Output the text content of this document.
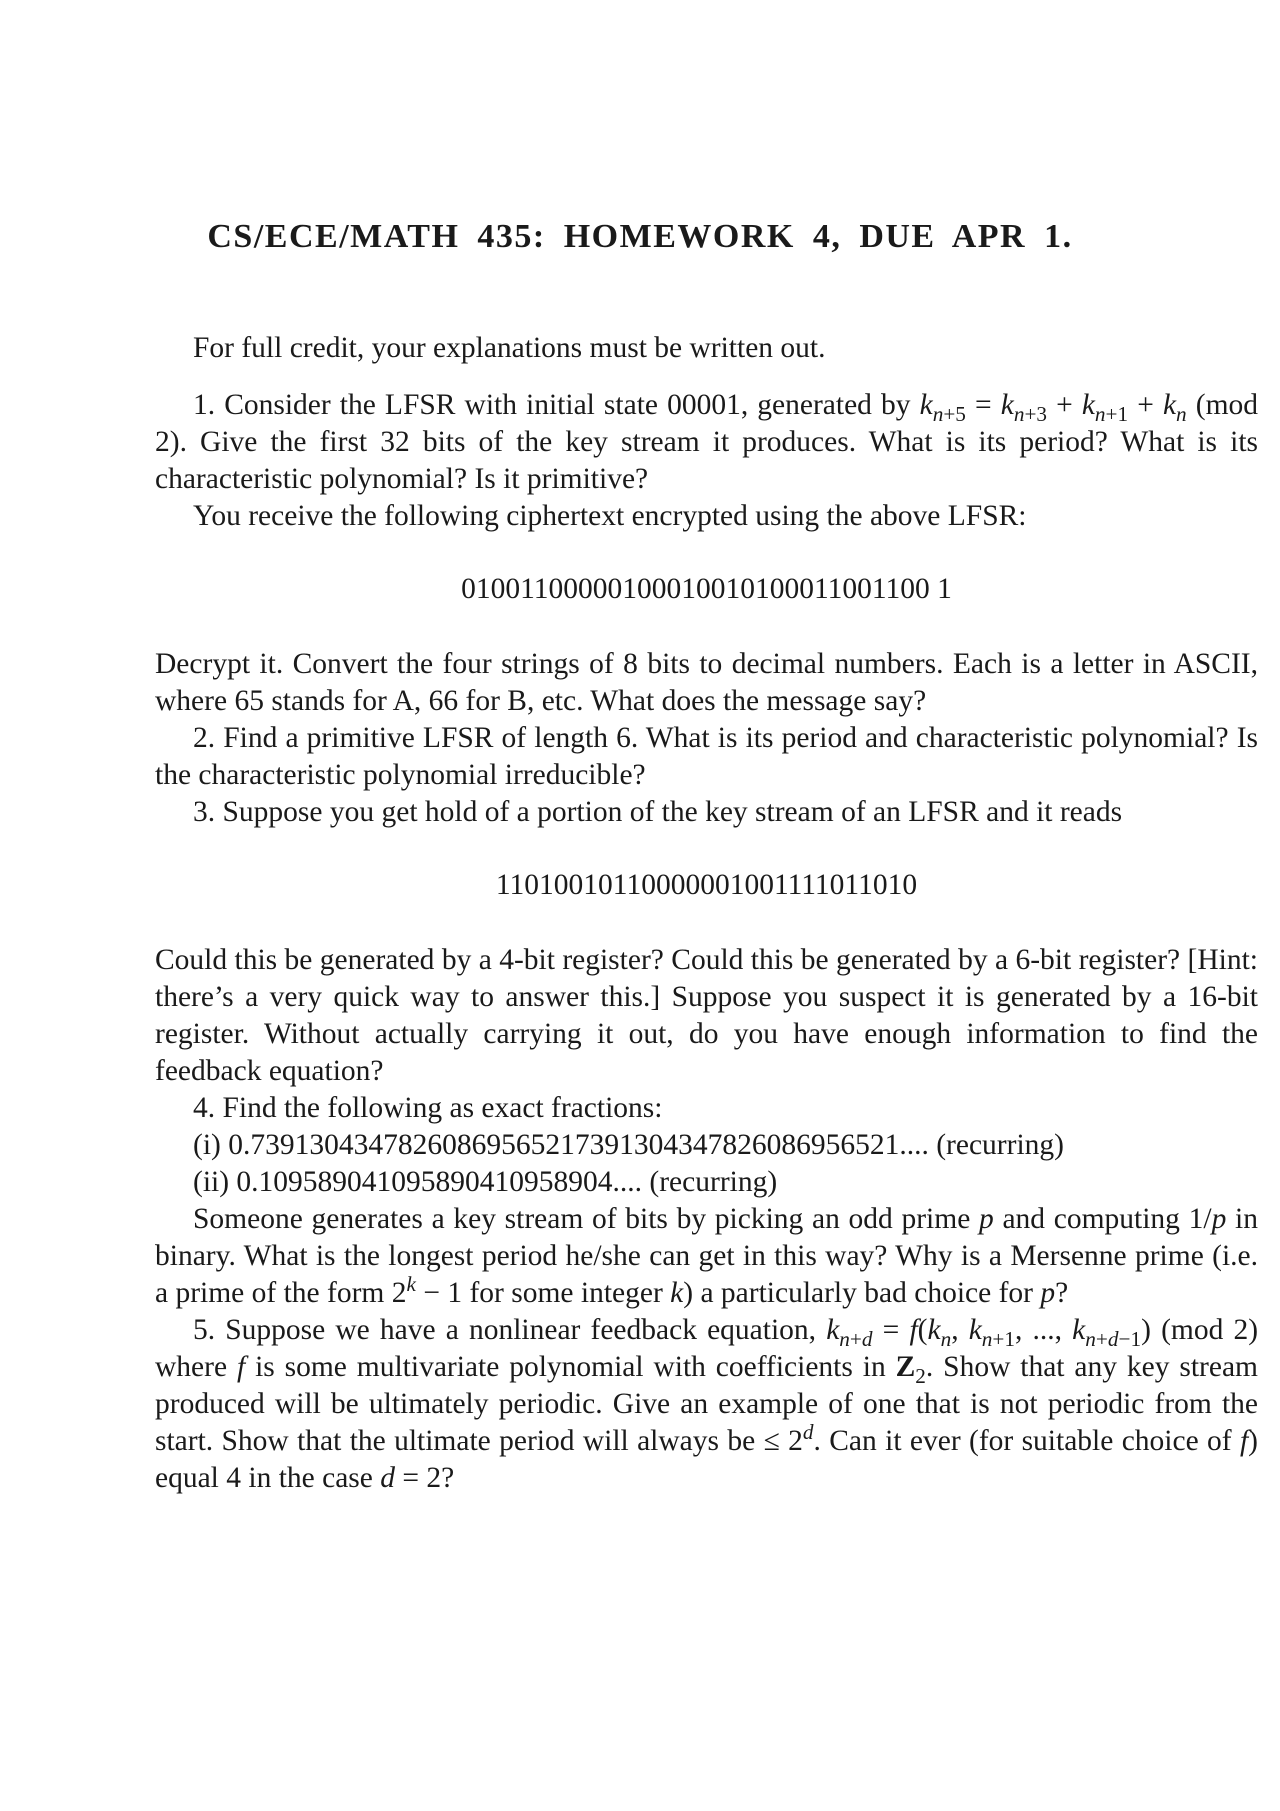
CS/ECE/MATH 435: HOMEWORK 4, DUE APR 1.

For full credit, your explanations must be written out.

1. Consider the LFSR with initial state 00001, generated by $k_{n+5} = k_{n+3} + k_{n+1} + k_n$ (mod 2). Give the first 32 bits of the key stream it produces. What is its period? What is its characteristic polynomial? Is it primitive?

You receive the following ciphertext encrypted using the above LFSR:

01001100000100010010100011001100 1

Decrypt it. Convert the four strings of 8 bits to decimal numbers. Each is a letter in ASCII, where 65 stands for A, 66 for B, etc. What does the message say?

2. Find a primitive LFSR of length 6. What is its period and characteristic polynomial? Is the characteristic polynomial irreducible?

3. Suppose you get hold of a portion of the key stream of an LFSR and it reads

11010010110000001001111011010

Could this be generated by a 4-bit register? Could this be generated by a 6-bit register? [Hint: there’s a very quick way to answer this.] Suppose you suspect it is generated by a 16-bit register. Without actually carrying it out, do you have enough information to find the feedback equation?

4. Find the following as exact fractions:

(i) 0.73913043478260869565217391304347826086956521.... (recurring)

(ii) 0.10958904109589041095890​4.... (recurring)

Someone generates a key stream of bits by picking an odd prime p and computing 1/p in binary. What is the longest period he/she can get in this way? Why is a Mersenne prime (i.e. a prime of the form $2^k - 1$ for some integer k) a particularly bad choice for p?

5. Suppose we have a nonlinear feedback equation, $k_{n+d} = f(k_n$, $k_{n+1}$, ..., $k_{n+d-1}$) (mod 2) where f is some multivariate polynomial with coefficients in $Z_2$. Show that any key stream produced will be ultimately periodic. Give an example of one that is not periodic from the start. Show that the ultimate period will always be ≤ $2^d$. Can it ever (for suitable choice of f) equal 4 in the case d = 2?
